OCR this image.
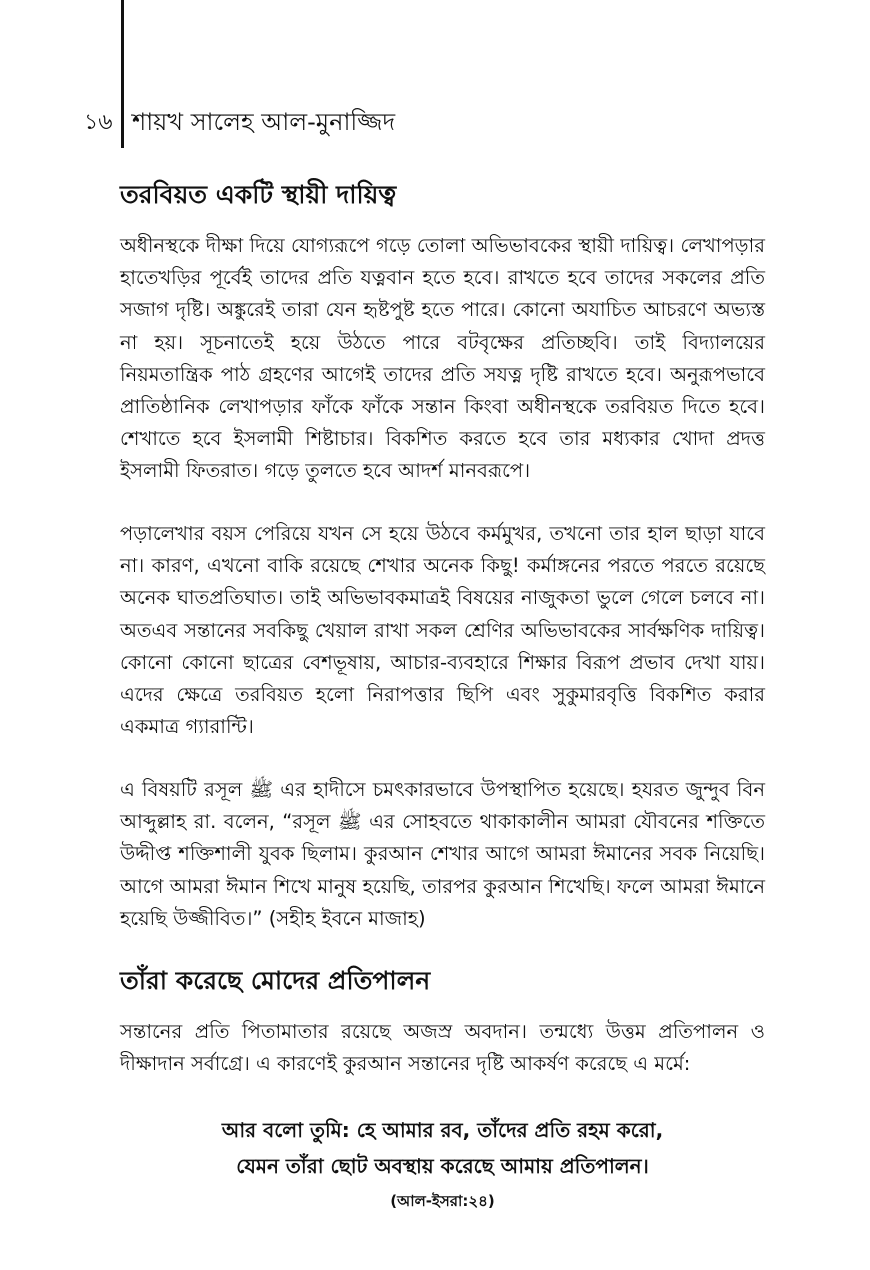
১৬ শায়খ সালেহ আল-মুনাজ্জিদ
তরবিয়ত একটি স্থায়ী দায়িত্ব

অধীনস্থকে দীক্ষা দিয়ে যোগ্যরূপে গড়ে তোলা অভিভাবকের স্থায়ী দায়িত্ব। লেখাপড়ার হাতেখড়ির পূর্বেই তাদের প্রতি যত্নবান হতে হবে। রাখতে হবে তাদের সকলের প্রতি সজাগ দৃষ্টি। অঙ্কুরেই তারা যেন হৃষ্টপুষ্ট হতে পারে। কোনো অযাচিত আচরণে অভ্যস্ত না হয়। সূচনাতেই হয়ে উঠতে পারে বটবৃক্ষের প্রতিচ্ছবি। তাই বিদ্যালয়ের নিয়মতান্ত্রিক পাঠ গ্রহণের আগেই তাদের প্রতি সযত্ন দৃষ্টি রাখতে হবে। অনুরূপভাবে প্রাতিষ্ঠানিক লেখাপড়ার ফাঁকে ফাঁকে সন্তান কিংবা অধীনস্থকে তরবিয়ত দিতে হবে। শেখাতে হবে ইসলামী শিষ্টাচার। বিকশিত করতে হবে তার মধ্যকার খোদা প্রদত্ত ইসলামী ফিতরাত। গড়ে তুলতে হবে আদর্শ মানবরূপে।

পড়ালেখার বয়স পেরিয়ে যখন সে হয়ে উঠবে কর্মমুখর, তখনো তার হাল ছাড়া যাবে না। কারণ, এখনো বাকি রয়েছে শেখার অনেক কিছু! কর্মাঙ্গনের পরতে পরতে রয়েছে অনেক ঘাতপ্রতিঘাত। তাই অভিভাবকমাত্রই বিষয়ের নাজুকতা ভুলে গেলে চলবে না। অতএব সন্তানের সবকিছু খেয়াল রাখা সকল শ্রেণির অভিভাবকের সার্বক্ষণিক দায়িত্ব। কোনো কোনো ছাত্রের বেশভূষায়, আচার-ব্যবহারে শিক্ষার বিরূপ প্রভাব দেখা যায়। এদের ক্ষেত্রে তরবিয়ত হলো নিরাপত্তার ছিপি এবং সুকুমারবৃত্তি বিকশিত করার একমাত্র গ্যারান্টি।

এ বিষয়টি রসূল ﷺ এর হাদীসে চমৎকারভাবে উপস্থাপিত হয়েছে। হযরত জুন্দুব বিন আব্দুল্লাহ রা. বলেন, “রসূল ﷺ এর সোহবতে থাকাকালীন আমরা যৌবনের শক্তিতে উদ্দীপ্ত শক্তিশালী যুবক ছিলাম। কুরআন শেখার আগে আমরা ঈমানের সবক নিয়েছি। আগে আমরা ঈমান শিখে মানুষ হয়েছি, তারপর কুরআন শিখেছি। ফলে আমরা ঈমানে হয়েছি উজ্জীবিত।” (সহীহ ইবনে মাজাহ)

তাঁরা করেছে মোদের প্রতিপালন

সন্তানের প্রতি পিতামাতার রয়েছে অজস্র অবদান। তন্মধ্যে উত্তম প্রতিপালন ও দীক্ষাদান সর্বাগ্রে। এ কারণেই কুরআন সন্তানের দৃষ্টি আকর্ষণ করেছে এ মর্মে:

আর বলো তুমি: হে আমার রব, তাঁদের প্রতি রহম করো,
যেমন তাঁরা ছোট অবস্থায় করেছে আমায় প্রতিপালন।
(আল-ইসরা:২৪)
